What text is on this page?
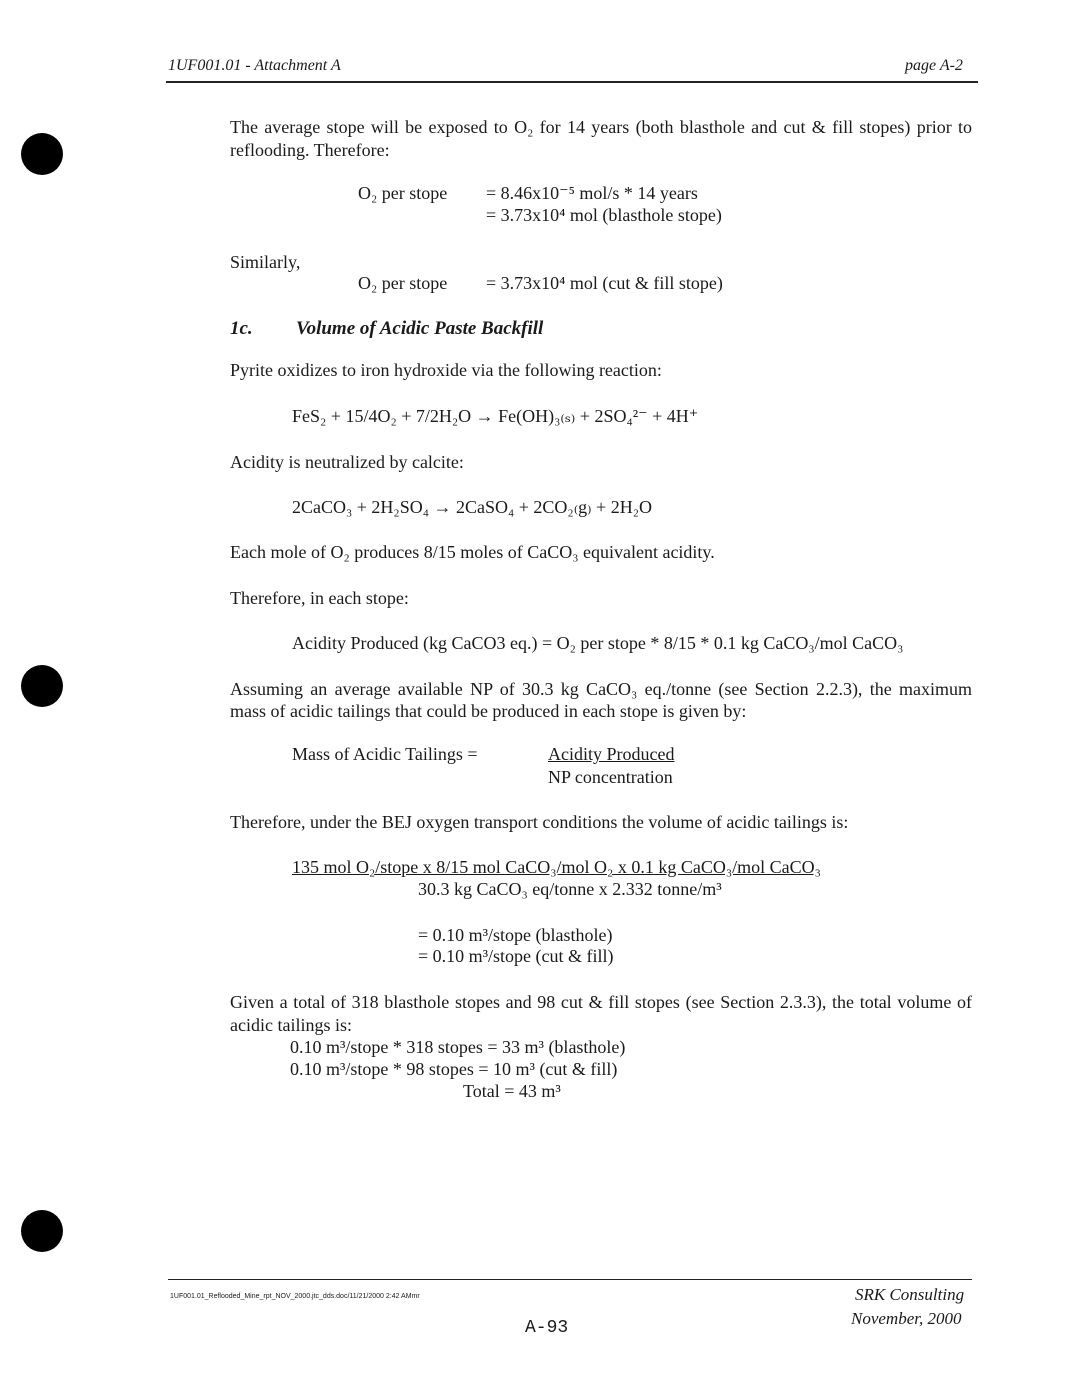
1UF001.01 - Attachment A	page A-2
The average stope will be exposed to O₂ for 14 years (both blasthole and cut & fill stopes) prior to reflooding. Therefore:
O₂ per stope = 8.46x10⁻⁵ mol/s * 14 years
= 3.73x10⁴ mol (blasthole stope)
Similarly,
O₂ per stope = 3.73x10⁴ mol (cut & fill stope)
1c. Volume of Acidic Paste Backfill
Pyrite oxidizes to iron hydroxide via the following reaction:
FeS₂ + 15/4O₂ + 7/2H₂O → Fe(OH)₃₍ₛ₎ + 2SO₄²⁻ + 4H⁺
Acidity is neutralized by calcite:
2CaCO₃ + 2H₂SO₄ → 2CaSO₄ + 2CO₂₍g₎ + 2H₂O
Each mole of O₂ produces 8/15 moles of CaCO₃ equivalent acidity.
Therefore, in each stope:
Acidity Produced (kg CaCO3 eq.) = O₂ per stope * 8/15 * 0.1 kg CaCO₃/mol CaCO₃
Assuming an average available NP of 30.3 kg CaCO₃ eq./tonne (see Section 2.2.3), the maximum mass of acidic tailings that could be produced in each stope is given by:
Mass of Acidic Tailings =	Acidity Produced
NP concentration
Therefore, under the BEJ oxygen transport conditions the volume of acidic tailings is:
135 mol O₂/stope x 8/15 mol CaCO₃/mol O₂ x 0.1 kg CaCO₃/mol CaCO₃
30.3 kg CaCO₃ eq/tonne x 2.332 tonne/m³
= 0.10 m³/stope (blasthole)
= 0.10 m³/stope (cut & fill)
Given a total of 318 blasthole stopes and 98 cut & fill stopes (see Section 2.3.3), the total volume of acidic tailings is:
0.10 m³/stope * 318 stopes = 33 m³ (blasthole)
0.10 m³/stope * 98 stopes = 10 m³ (cut & fill)
Total = 43 m³
1UF001.01_Reflooded_Mine_rpt_NOV_2000.jtc_dds.doc/11/21/2000 2:42 AMmr
A-93
SRK Consulting
November, 2000
